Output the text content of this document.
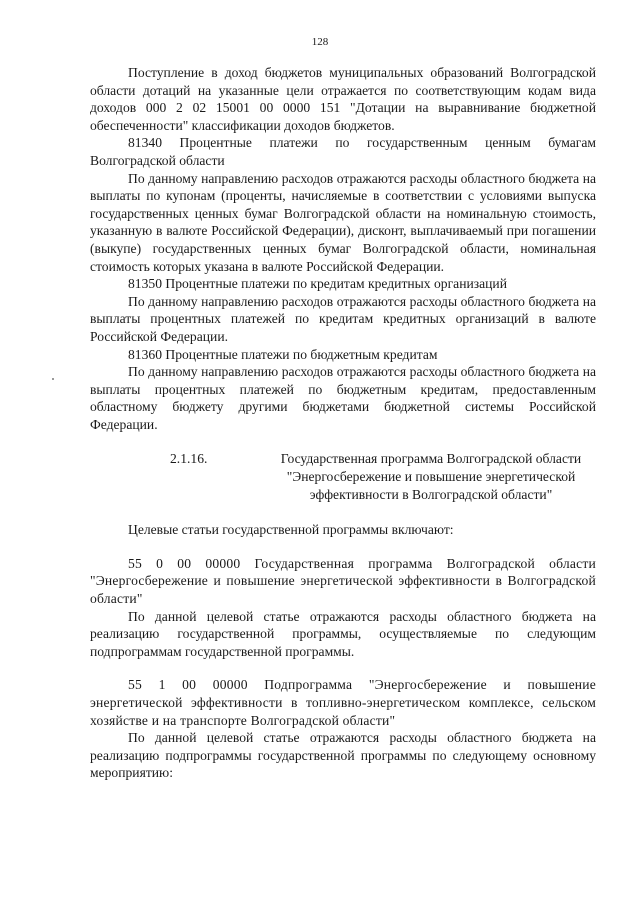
128

Поступление в доход бюджетов муниципальных образований Волгоградской области дотаций на указанные цели отражается по соответствующим кодам вида доходов 000 2 02 15001 00 0000 151 "Дотации на выравнивание бюджетной обеспеченности" классификации доходов бюджетов.

81340 Процентные платежи по государственным ценным бумагам Волгоградской области

По данному направлению расходов отражаются расходы областного бюджета на выплаты по купонам (проценты, начисляемые в соответствии с условиями выпуска государственных ценных бумаг Волгоградской области на номинальную стоимость, указанную в валюте Российской Федерации), дисконт, выплачиваемый при погашении (выкупе) государственных ценных бумаг Волгоградской области, номинальная стоимость которых указана в валюте Российской Федерации.

81350 Процентные платежи по кредитам кредитных организаций

По данному направлению расходов отражаются расходы областного бюджета на выплаты процентных платежей по кредитам кредитных организаций в валюте Российской Федерации.

81360 Процентные платежи по бюджетным кредитам

По данному направлению расходов отражаются расходы областного бюджета на выплаты процентных платежей по бюджетным кредитам, предоставленным областному бюджету другими бюджетами бюджетной системы Российской Федерации.

2.1.16.	Государственная программа Волгоградской области "Энергосбережение и повышение энергетической эффективности в Волгоградской области"

Целевые статьи государственной программы включают:

55 0 00 00000 Государственная программа Волгоградской области "Энергосбережение и повышение энергетической эффективности в Волгоградской области"

По данной целевой статье отражаются расходы областного бюджета на реализацию государственной программы, осуществляемые по следующим подпрограммам государственной программы.

55 1 00 00000 Подпрограмма "Энергосбережение и повышение энергетической эффективности в топливно-энергетическом комплексе, сельском хозяйстве и на транспорте Волгоградской области"

По данной целевой статье отражаются расходы областного бюджета на реализацию подпрограммы государственной программы по следующему основному мероприятию:
